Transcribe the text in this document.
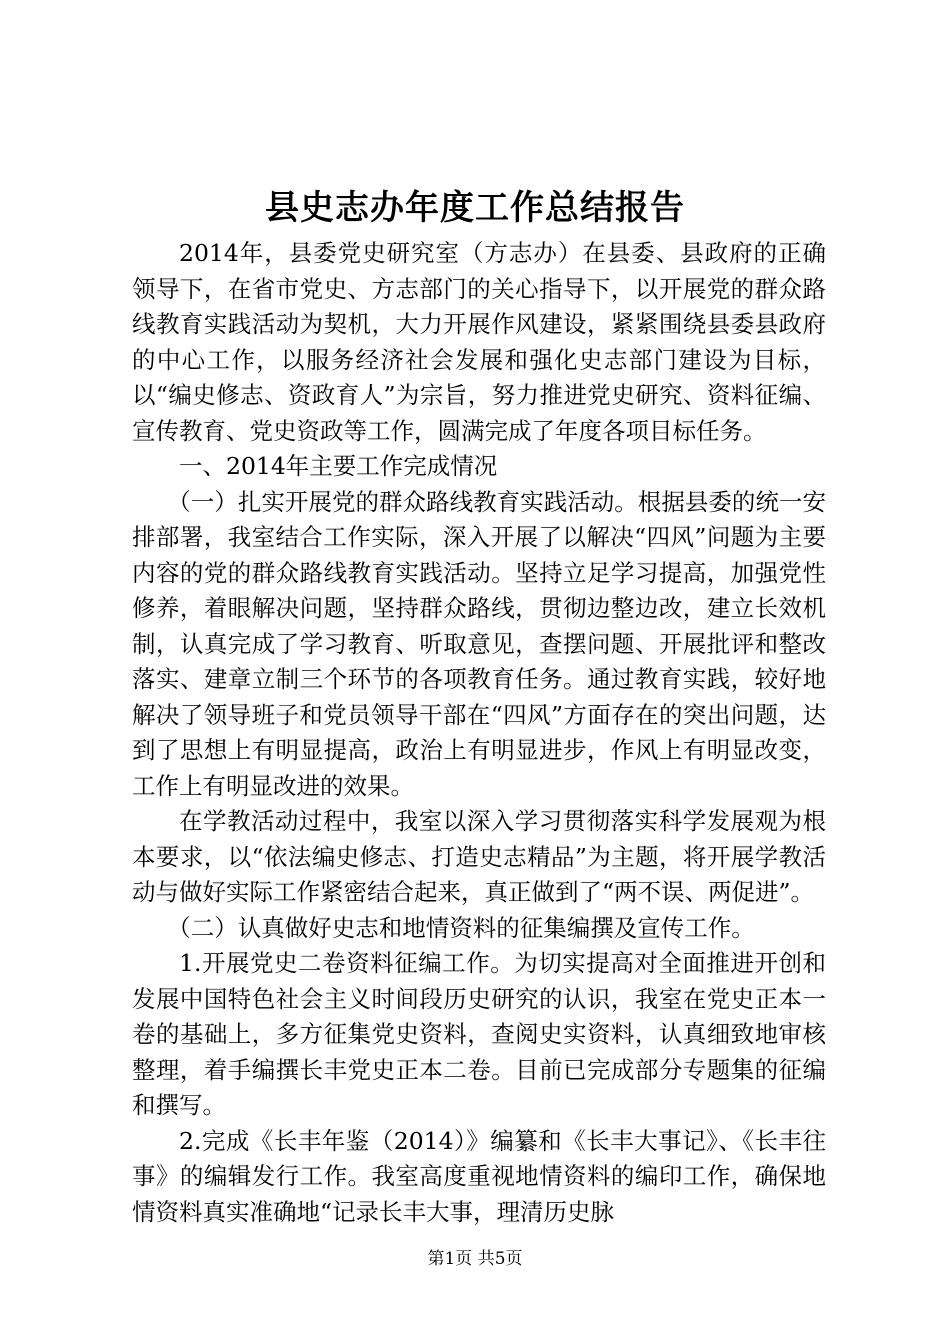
县史志办年度工作总结报告

2014年，县委党史研究室（方志办）在县委、县政府的正确领导下，在省市党史、方志部门的关心指导下，以开展党的群众路线教育实践活动为契机，大力开展作风建设，紧紧围绕县委县政府的中心工作，以服务经济社会发展和强化史志部门建设为目标，以“编史修志、资政育人”为宗旨，努力推进党史研究、资料征编、宣传教育、党史资政等工作，圆满完成了年度各项目标任务。

一、2014年主要工作完成情况

（一）扎实开展党的群众路线教育实践活动。根据县委的统一安排部署，我室结合工作实际，深入开展了以解决“四风”问题为主要内容的党的群众路线教育实践活动。坚持立足学习提高，加强党性修养，着眼解决问题，坚持群众路线，贯彻边整边改，建立长效机制，认真完成了学习教育、听取意见，查摆问题、开展批评和整改落实、建章立制三个环节的各项教育任务。通过教育实践，较好地解决了领导班子和党员领导干部在“四风”方面存在的突出问题，达到了思想上有明显提高，政治上有明显进步，作风上有明显改变，工作上有明显改进的效果。

在学教活动过程中，我室以深入学习贯彻落实科学发展观为根本要求，以“依法编史修志、打造史志精品”为主题，将开展学教活动与做好实际工作紧密结合起来，真正做到了“两不误、两促进”。

（二）认真做好史志和地情资料的征集编撰及宣传工作。

1.开展党史二卷资料征编工作。为切实提高对全面推进开创和发展中国特色社会主义时间段历史研究的认识，我室在党史正本一卷的基础上，多方征集党史资料，查阅史实资料，认真细致地审核整理，着手编撰长丰党史正本二卷。目前已完成部分专题集的征编和撰写。

2.完成《长丰年鉴（2014）》编纂和《长丰大事记》、《长丰往事》的编辑发行工作。我室高度重视地情资料的编印工作，确保地情资料真实准确地“记录长丰大事，理清历史脉

第1页 共5页
